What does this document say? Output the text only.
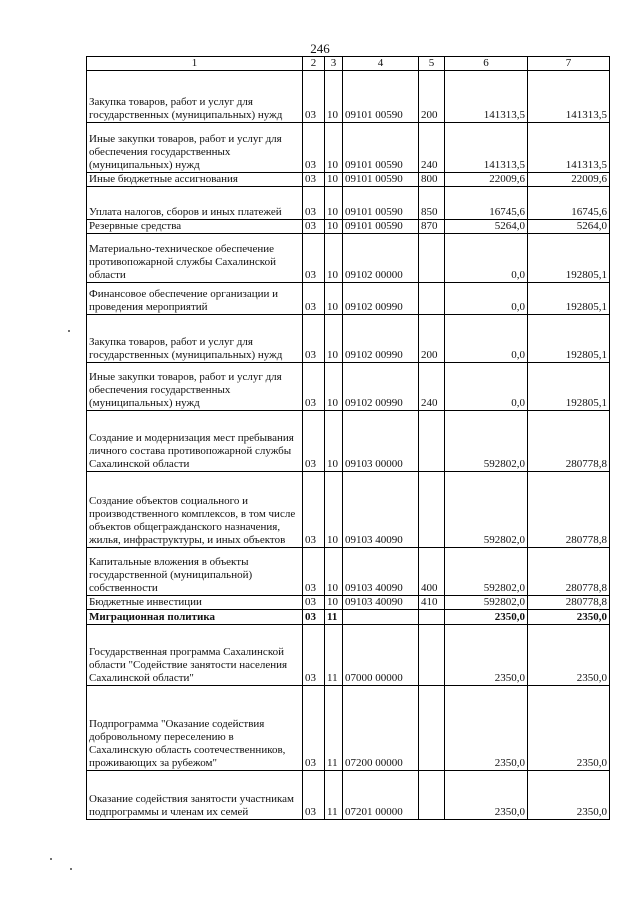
246
1	2	3	4	5	6	7
Закупка товаров, работ и услуг для государственных (муниципальных) нужд	03	10	09101 00590	200	141313,5	141313,5
Иные закупки товаров, работ и услуг для обеспечения государственных (муниципальных) нужд	03	10	09101 00590	240	141313,5	141313,5
Иные бюджетные ассигнования	03	10	09101 00590	800	22009,6	22009,6
Уплата налогов, сборов и иных платежей	03	10	09101 00590	850	16745,6	16745,6
Резервные средства	03	10	09101 00590	870	5264,0	5264,0
Материально-техническое обеспечение противопожарной службы Сахалинской области	03	10	09102 00000		0,0	192805,1
Финансовое обеспечение организации и проведения мероприятий	03	10	09102 00990		0,0	192805,1
Закупка товаров, работ и услуг для государственных (муниципальных) нужд	03	10	09102 00990	200	0,0	192805,1
Иные закупки товаров, работ и услуг для обеспечения государственных (муниципальных) нужд	03	10	09102 00990	240	0,0	192805,1
Создание и модернизация мест пребывания личного состава противопожарной службы Сахалинской области	03	10	09103 00000		592802,0	280778,8
Создание объектов социального и производственного комплексов, в том числе объектов общегражданского назначения, жилья, инфраструктуры, и иных объектов	03	10	09103 40090		592802,0	280778,8
Капитальные вложения в объекты государственной (муниципальной) собственности	03	10	09103 40090	400	592802,0	280778,8
Бюджетные инвестиции	03	10	09103 40090	410	592802,0	280778,8
Миграционная политика	03	11			2350,0	2350,0
Государственная программа Сахалинской области "Содействие занятости населения Сахалинской области"	03	11	07000 00000		2350,0	2350,0
Подпрограмма "Оказание содействия добровольному переселению в Сахалинскую область соотечественников, проживающих за рубежом"	03	11	07200 00000		2350,0	2350,0
Оказание содействия занятости участникам подпрограммы и членам их семей	03	11	07201 00000		2350,0	2350,0
